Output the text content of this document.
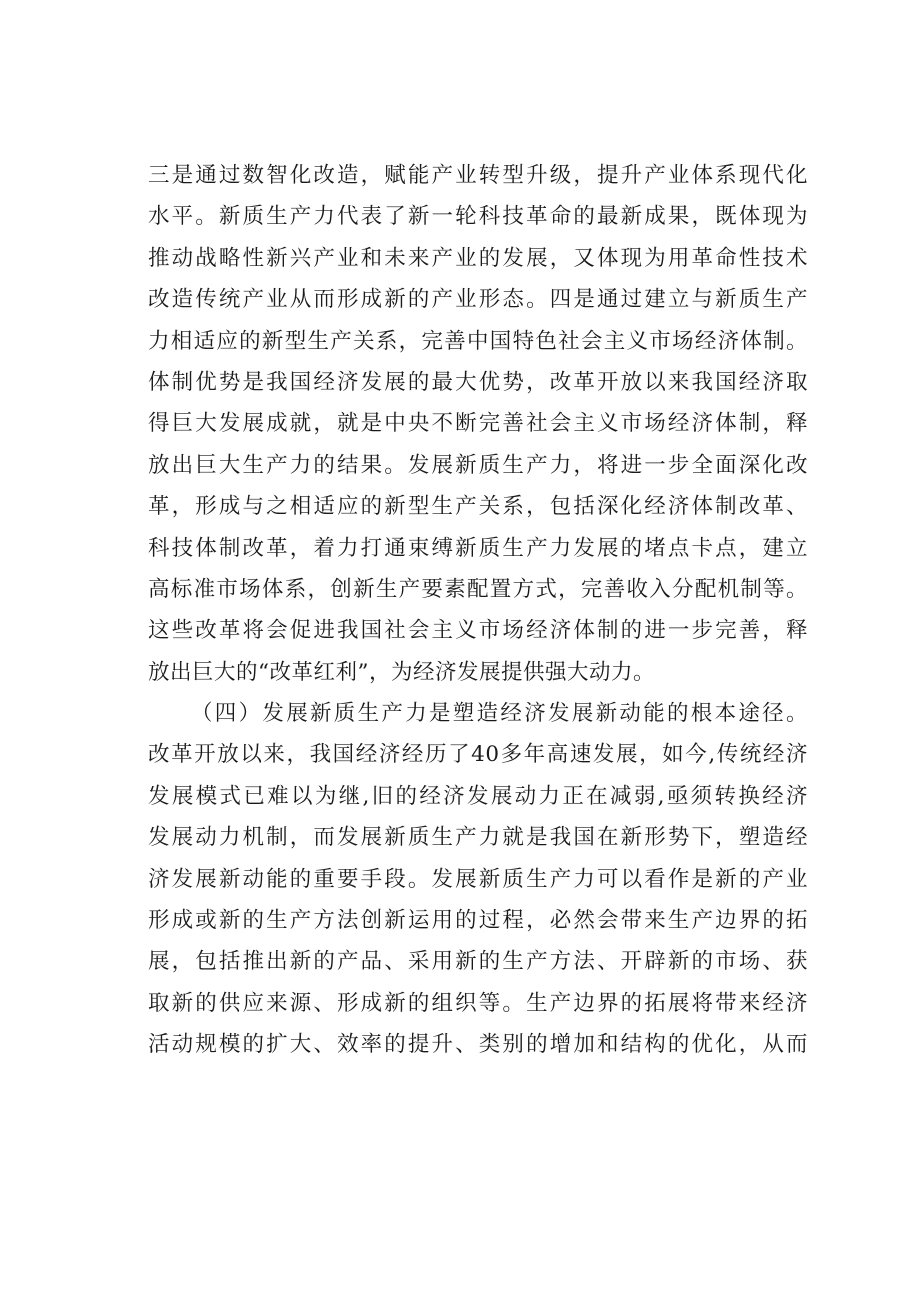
三是通过数智化改造，赋能产业转型升级，提升产业体系现代化
水平。新质生产力代表了新一轮科技革命的最新成果，既体现为
推动战略性新兴产业和未来产业的发展，又体现为用革命性技术
改造传统产业从而形成新的产业形态。四是通过建立与新质生产
力相适应的新型生产关系，完善中国特色社会主义市场经济体制。
体制优势是我国经济发展的最大优势，改革开放以来我国经济取
得巨大发展成就，就是中央不断完善社会主义市场经济体制，释
放出巨大生产力的结果。发展新质生产力，将进一步全面深化改
革，形成与之相适应的新型生产关系，包括深化经济体制改革、
科技体制改革，着力打通束缚新质生产力发展的堵点卡点，建立
高标准市场体系，创新生产要素配置方式，完善收入分配机制等。
这些改革将会促进我国社会主义市场经济体制的进一步完善，释
放出巨大的“改革红利”，为经济发展提供强大动力。
（四）发展新质生产力是塑造经济发展新动能的根本途径。
改革开放以来，我国经济经历了40多年高速发展，如今,传统经济
发展模式已难以为继,旧的经济发展动力正在减弱,亟须转换经济
发展动力机制，而发展新质生产力就是我国在新形势下，塑造经
济发展新动能的重要手段。发展新质生产力可以看作是新的产业
形成或新的生产方法创新运用的过程，必然会带来生产边界的拓
展，包括推出新的产品、采用新的生产方法、开辟新的市场、获
取新的供应来源、形成新的组织等。生产边界的拓展将带来经济
活动规模的扩大、效率的提升、类别的增加和结构的优化，从而
